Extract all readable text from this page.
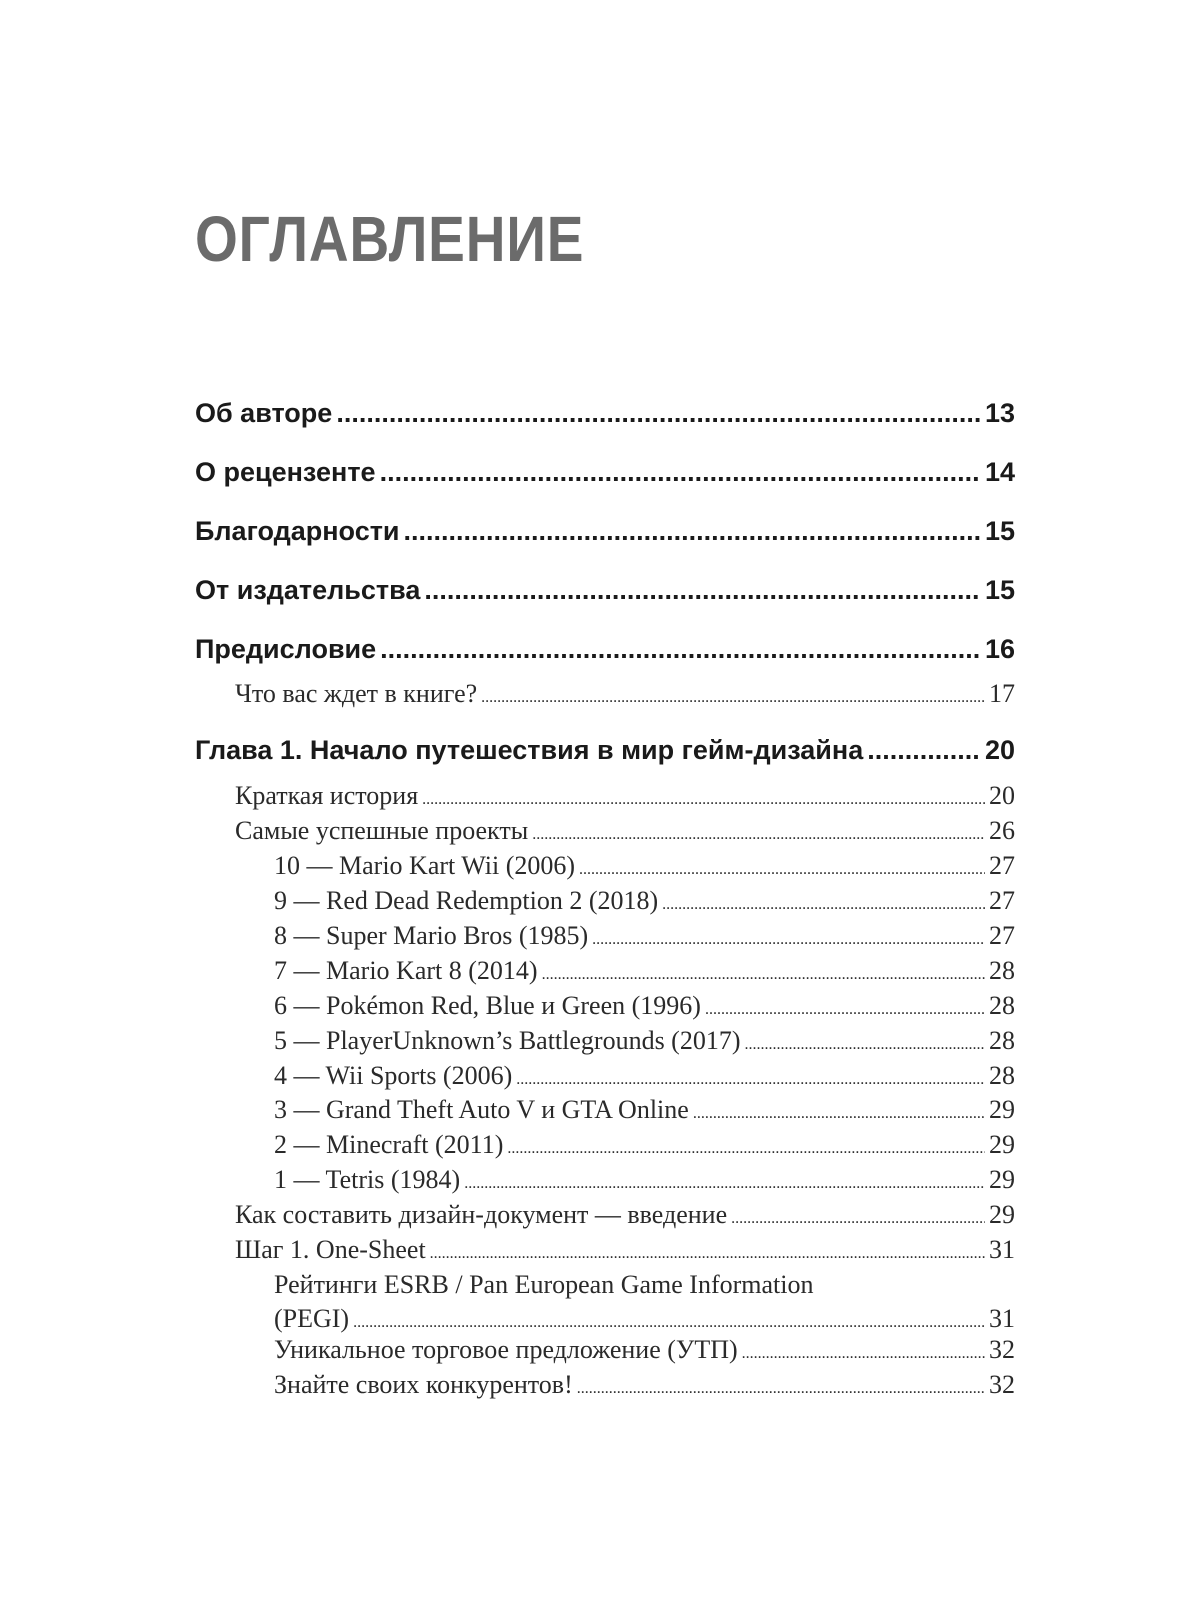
ОГЛАВЛЕНИЕ
Об авторе .....	13
О рецензенте .....	14
Благодарности .....	15
От издательства .....	15
Предисловие .....	16
Что вас ждет в книге? .....	17
Глава 1. Начало путешествия в мир гейм-дизайна .....	20
Краткая история .....	20
Самые успешные проекты .....	26
10 — Mario Kart Wii (2006) .....	27
9 — Red Dead Redemption 2 (2018) .....	27
8 — Super Mario Bros (1985) .....	27
7 — Mario Kart 8 (2014) .....	28
6 — Pokémon Red, Blue и Green (1996) .....	28
5 — PlayerUnknown’s Battlegrounds (2017) .....	28
4 — Wii Sports (2006) .....	28
3 — Grand Theft Auto V и GTA Online .....	29
2 — Minecraft (2011) .....	29
1 — Tetris (1984) .....	29
Как составить дизайн-документ — введение .....	29
Шаг 1. One-Sheet .....	31
Рейтинги ESRB / Pan European Game Information
(PEGI) .....	31
Уникальное торговое предложение (УТП) .....	32
Знайте своих конкурентов! .....	32
